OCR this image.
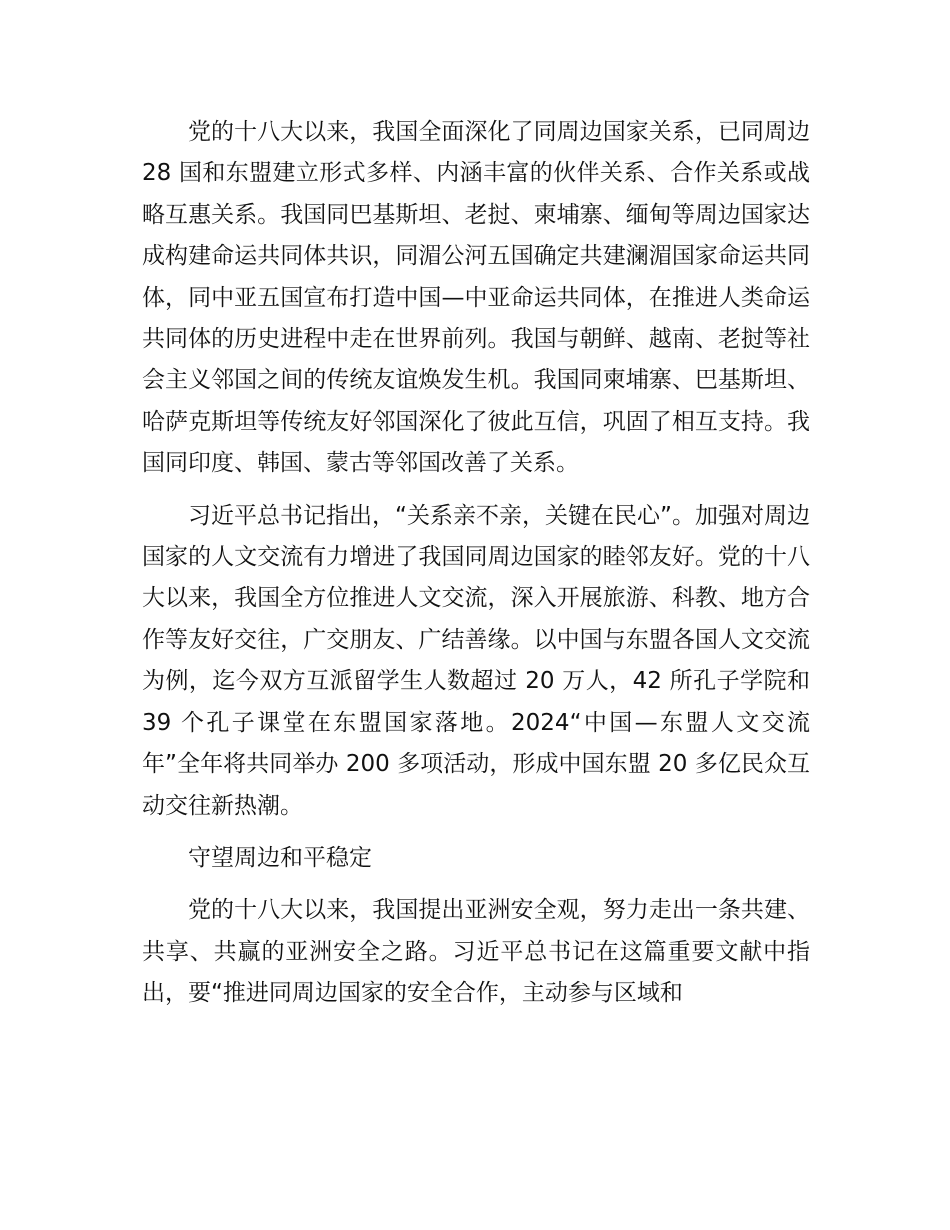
党的十八大以来，我国全面深化了同周边国家关系，已同周边 28 国和东盟建立形式多样、内涵丰富的伙伴关系、合作关系或战略互惠关系。我国同巴基斯坦、老挝、柬埔寨、缅甸等周边国家达成构建命运共同体共识，同湄公河五国确定共建澜湄国家命运共同体，同中亚五国宣布打造中国—中亚命运共同体，在推进人类命运共同体的历史进程中走在世界前列。我国与朝鲜、越南、老挝等社会主义邻国之间的传统友谊焕发生机。我国同柬埔寨、巴基斯坦、哈萨克斯坦等传统友好邻国深化了彼此互信，巩固了相互支持。我国同印度、韩国、蒙古等邻国改善了关系。

习近平总书记指出，“关系亲不亲，关键在民心”。加强对周边国家的人文交流有力增进了我国同周边国家的睦邻友好。党的十八大以来，我国全方位推进人文交流，深入开展旅游、科教、地方合作等友好交往，广交朋友、广结善缘。以中国与东盟各国人文交流为例，迄今双方互派留学生人数超过 20 万人，42 所孔子学院和 39 个孔子课堂在东盟国家落地。2024“中国—东盟人文交流年”全年将共同举办 200 多项活动，形成中国东盟 20 多亿民众互动交往新热潮。

守望周边和平稳定

党的十八大以来，我国提出亚洲安全观，努力走出一条共建、共享、共赢的亚洲安全之路。习近平总书记在这篇重要文献中指出，要“推进同周边国家的安全合作，主动参与区域和
